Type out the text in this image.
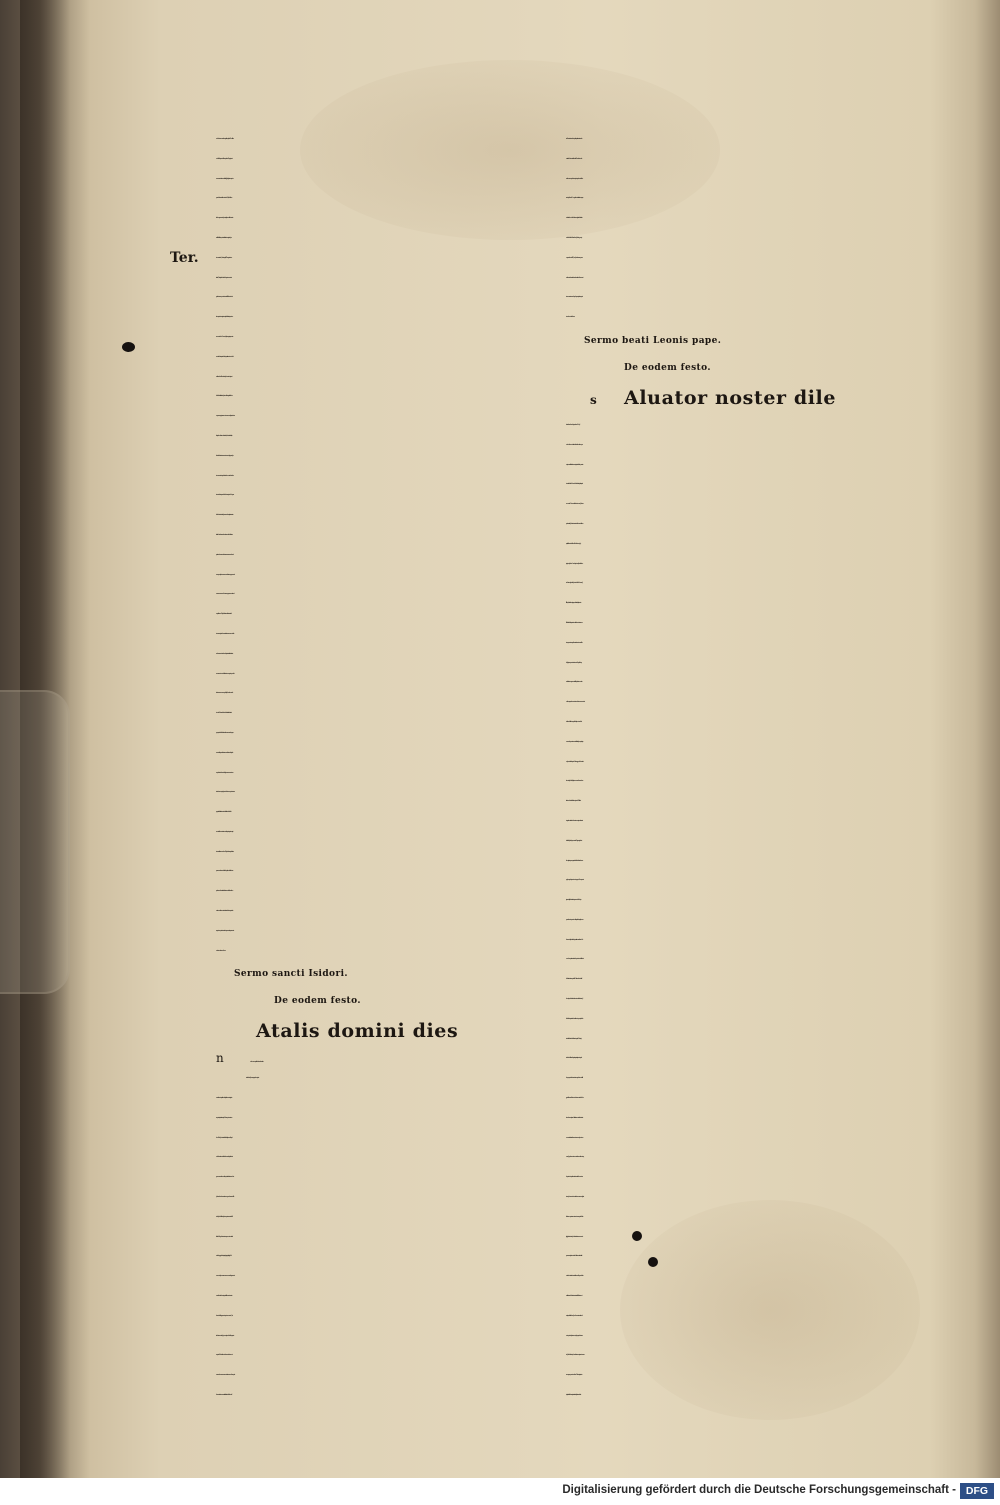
Ter.
ad eu huiuscemodi a magnifica gloria: Hic est filius
me' dilect' in quo mihi bn coplacui. Et post passi
one resurrectiois: asceslionilq3 ipsi' gloria cospecta
spus ei' dono mirifice sunt refecti. Quib' oib' ma
nifeste cognouerut q hmoi glia no cuilibet sancto
ru: fz illi soli boi q esset in diuinitate vnigenit' a pa
tre couenirer. Qd aut sequit: [ Plenu gratie z ve
ritatis. ] Gratia plen' erat ide ho xps iesus: cui sin
gulari munere p ceteris mortalib' datu est: vt sta
tim ex q in vtero vginis cocipi z ho fieri inciperet: ve
rus esset z deus. Un z eade gliosa sp virgo maria
no solum bois xpi: sed z dei genitrix recte crededa
z cofitenda est. Ide veritate plen' erat z est: ipsa vi
delicet vbi diuinitate q hoiem illu singularit electu
cu quo vna xpi psona esset assumere dignata est no
aliquid sue diuine substantie (vt heretici volut) in
faciendo bois natura comutans: sed ipa apud pa
tre manens totu qd erat: tota de semine dauid na
tura veri bois qua no habebat suscipiens. Un opor
tet fres charissimi: vt q huana redemptionis nri na
tiuitate hodie annua deuotioe recolim': et diuina
pariter z humana ei' natura non annuo: sed conti
nuo sp amplectamur amore: diuinam p qua creati
sumus cu no essem': humana p qua recreati sum'
cu pditi essem'. Et qde diuina coditoris nri virt'
sine assumptioe humanitatis nos recreare erat ido
nea: huana aut eiusde redeptoris nri infirmitas: si
ne assumente se z habitante in se: z opante p se diui
nitate: nos recreare nequit. Atq3 io verbu caro fa
ctu est. i. de' homo fact' est: z habitauit i nobis: vt
p cognatu bois habitu nobis coseruando cogruc
re: nos alloquendo instruere: nobis viuedi via pbe
re: p nobis cotra hoste cofligere: nram morte mo
riendo ac resurgedo posset destruere: p coeternam
qo patri diuinitate nos interi' viuificado ad diui
na sustollere: remissione nobis petoz parte z spiri
tussancti dona cocederet. Et post bonoz pfectione
operu: no solu nos ad videdu gliam clarificate sue
perduceret huanitatis: fz z incomutabile nobis es
sentia sue diuine maiestatis osideret: in qua viuit z
regnat cum patre in vnitate spussancti: per omnia
secula seculorum: Amen.
Sermo sancti Isidori.
De eodem festo.
Atalis domini dies
n	ea de causa a patrib' votiua solennitate
institut' est: q2 in eo xps p redemptioe
mudi nasci corpaliter voluit: pdiens ex virgis vte
ro q erat in patris impio. Cui' suscepte carnis ca
he est. Postq3 em inuidia diaboli parens ille pm'
seduct' vaniter cecidit: cofestim exul z pditus in oi
genere suo radice malicie z peti traduxit: crescebat
q3 in malu vehementius ome genus huanu: diffu
sis vbiq3 sceleribl: z qd est nequius omniu cultib'
idoloz. Voles g deus terminare peccatu: cosuluit
verbo: lege: pphetis: signis: plagis: pdigijs. Sed
cu nec sic qdem errores suos ammonit' agnosceret
mund': misit deus vnigenitu filiu suu vt carne in
dueret z boib' appareret: z petores sanaret. Qui
io in hoiem venit: q2 p semetipm ab boib' cognosci
no potuit. Ut aut videret: verbu caro factum est:
assumedo carnem: no mutatu in carne. Assumpsit
ei humanitate: no amisit diuinitate. Ita idem de'
z ide ho: in natura dei equalis patri: in natura bo
minis fact' est mortal' in nobis. Pro nobis em de
nobis manes qd erat: suscipies qd no erat: vt libe
raret qd fecerat. Hec e g dnice natiuitatis magna
solenitas: hec est dies hui' noua z gliosa festiuitas
aduent' dei fact' ad hoies. Ita q3 dies iste, p eo q i
eo xps nat' e natal' d'. Queq3 io obseruare per re
uolutu circulu anni festa solennitate debemus: vt
in memoria reuocet' q nat' e xps: q viuit z regnat
in secula seculoz: Amen.
Sermo beati Leonis pape.
De eodem festo.
s Aluator noster dile
ctissimi bodie nat' est: gaudeam'. Neq3
em fas est locu ee tristicie vbi natalis est vite: q con
supto mortalitatis timore: ingerit nobis de pmissa
eternitate leticia. Nemo ab hui' alacritat pticipatio
ne secernit'. Una a cuctis leticie: cois e ro: q2 dns nr
peti mortisq3 destructor: sicut nullu a reatu liberu
repitita liberadis oib' venit. Exultet scus: q2 p
pinqt ad palma. Gaudeat petor: q2 inuitat' ad ve
nia. Animet' gentilis: q2 vocat' ad vita. Dei nanq3
fili' fm plenitudine tpis: qua diuini osilij inscruta
bilis altitudo disposuit: recociliadu auctori suo na
tura generis assupsit huani: vt inuetor mort' dia
bol' p ipam qua vicerat vinceret'. In q coflictu p
nobis inito magno z mirabili eqtatis iure certatu
est: du omps dns cu seuissimo hoste no sua maiesta
te: fz i nra huilitate cogredit: obijcies ei cande for
ma: eandeqs natura: mortalitatis qde nre pticipe:
sed peccati toti' experte. Alienu qppe ab hac natiui
tate est: qd de oib' legit: nemo mund' a sorde: nec
infans cui' est vni' diei vita sup terra. Nibil i ista
singulare natiuitate de carnis cocupiscetia transi
uit: nibil de peti lege manauit. Uirgo regia daui
dice stirpis: q sacro grauidada fetu diuina huana
qs plem pri' cociperet mete q corpe. Et ne superni
ignari cosilij ad inusitatos paueret effect': q i ea
opandu erat a spusctc colloqo discit angelico: nec
danu credit pudoris dei genitrix mox futura. Cur
em de coceptois nouitate despiceret: cui efficientia
de altissimi vrture pmittit'. Cofirmat' credentis fi
des etia pcedetis attestatioe miraculi: donaturq3
elizabeth inopinata fecunditas: vt q coceptu dede
rat sterili: datur' no dubitaret z vgini. Uerbu igi
tur dei: deus filius dei: qui in principio erat apud
deu: p que oia facta sunt: z sine quo factu est nibil:
ppter liberandu hoiem ab eterna morte fact' e bo
ita se ad susceptione huilitatis nre sine diminutioe
sue maiestatis inclinans: vt manens qd erat assu
mesq3 qd non erat: vera serui forma ei forme in q
deo patri est equalis vniret: z tanto federe natura
vtranq3 cosereret: vt nec inferiore cosumeret glori
ficatio: nec superiore minueret assumptio. Salua
igit' ppietate vtriusq3 substantie: z in vna coeunte
psona suscipit a maiestate huilitas: a virtute infir
mitas: ab eternitate mortalitas: z ad dependendu
coditiois nre debitu: natura inuiolabil' nature est
vnita passibili: deusq3 ver' ho: verus in vnitate de
us tempat: vt qd nris remedijs cogruebat: vnus
atq3 ide dei boimq3 mediator: z mori posset ex vno
z resurgere posset ex altero. Merito virginee in
tegritati nibil corruptionis intulit partus salutis
Digitalisierung gefördert durch die Deutsche Forschungsgemeinschaft - DFG
